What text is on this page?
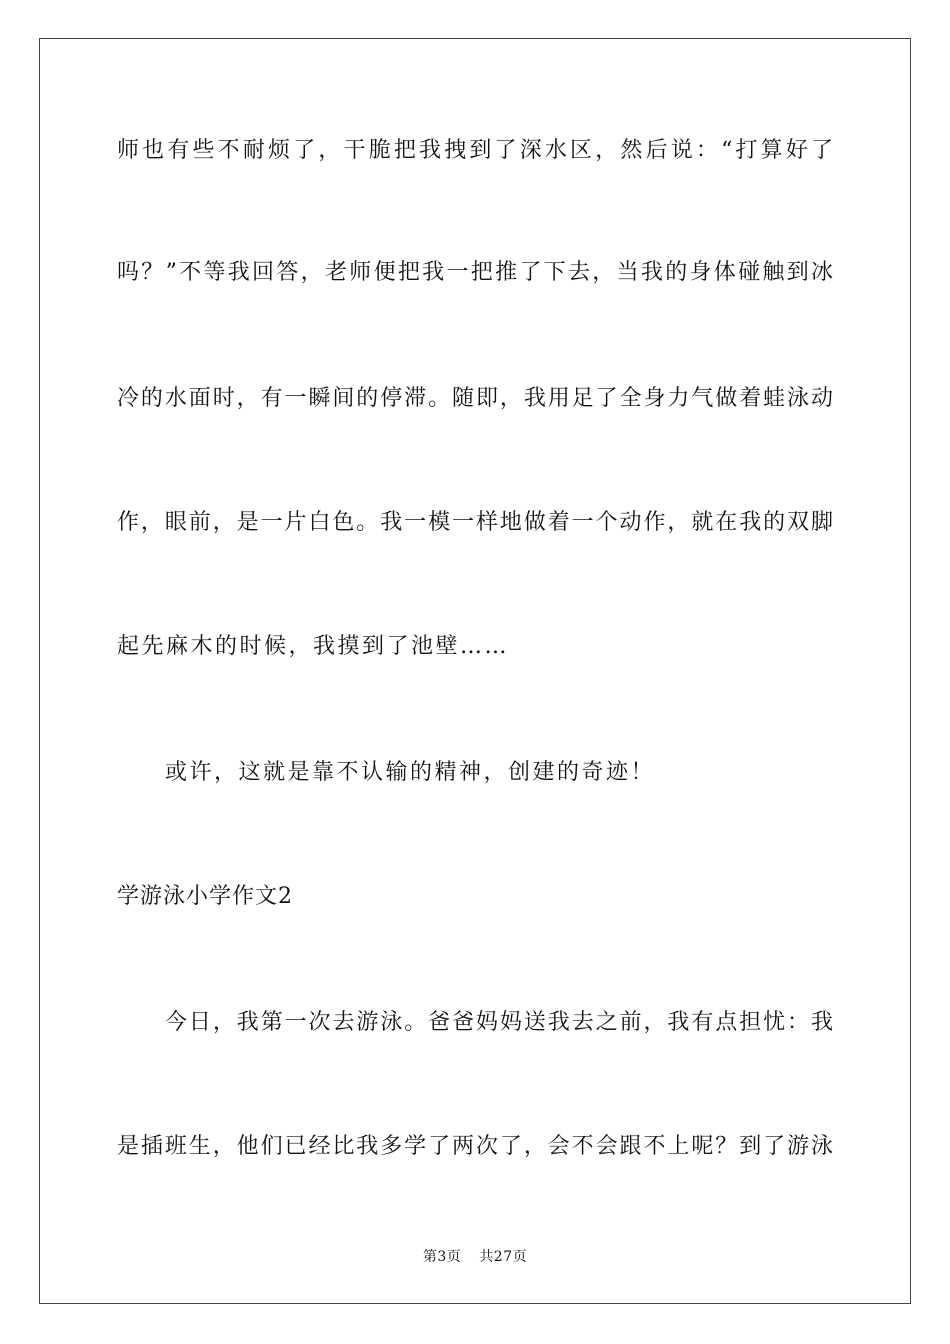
师也有些不耐烦了，干脆把我拽到了深水区，然后说：“打算好了
吗？”不等我回答，老师便把我一把推了下去，当我的身体碰触到冰
冷的水面时，有一瞬间的停滞。随即，我用足了全身力气做着蛙泳动
作，眼前，是一片白色。我一模一样地做着一个动作，就在我的双脚
起先麻木的时候，我摸到了池壁……
或许，这就是靠不认输的精神，创建的奇迹！
学游泳小学作文2
今日，我第一次去游泳。爸爸妈妈送我去之前，我有点担忧：我
是插班生，他们已经比我多学了两次了，会不会跟不上呢？到了游泳
第3页 共27页
